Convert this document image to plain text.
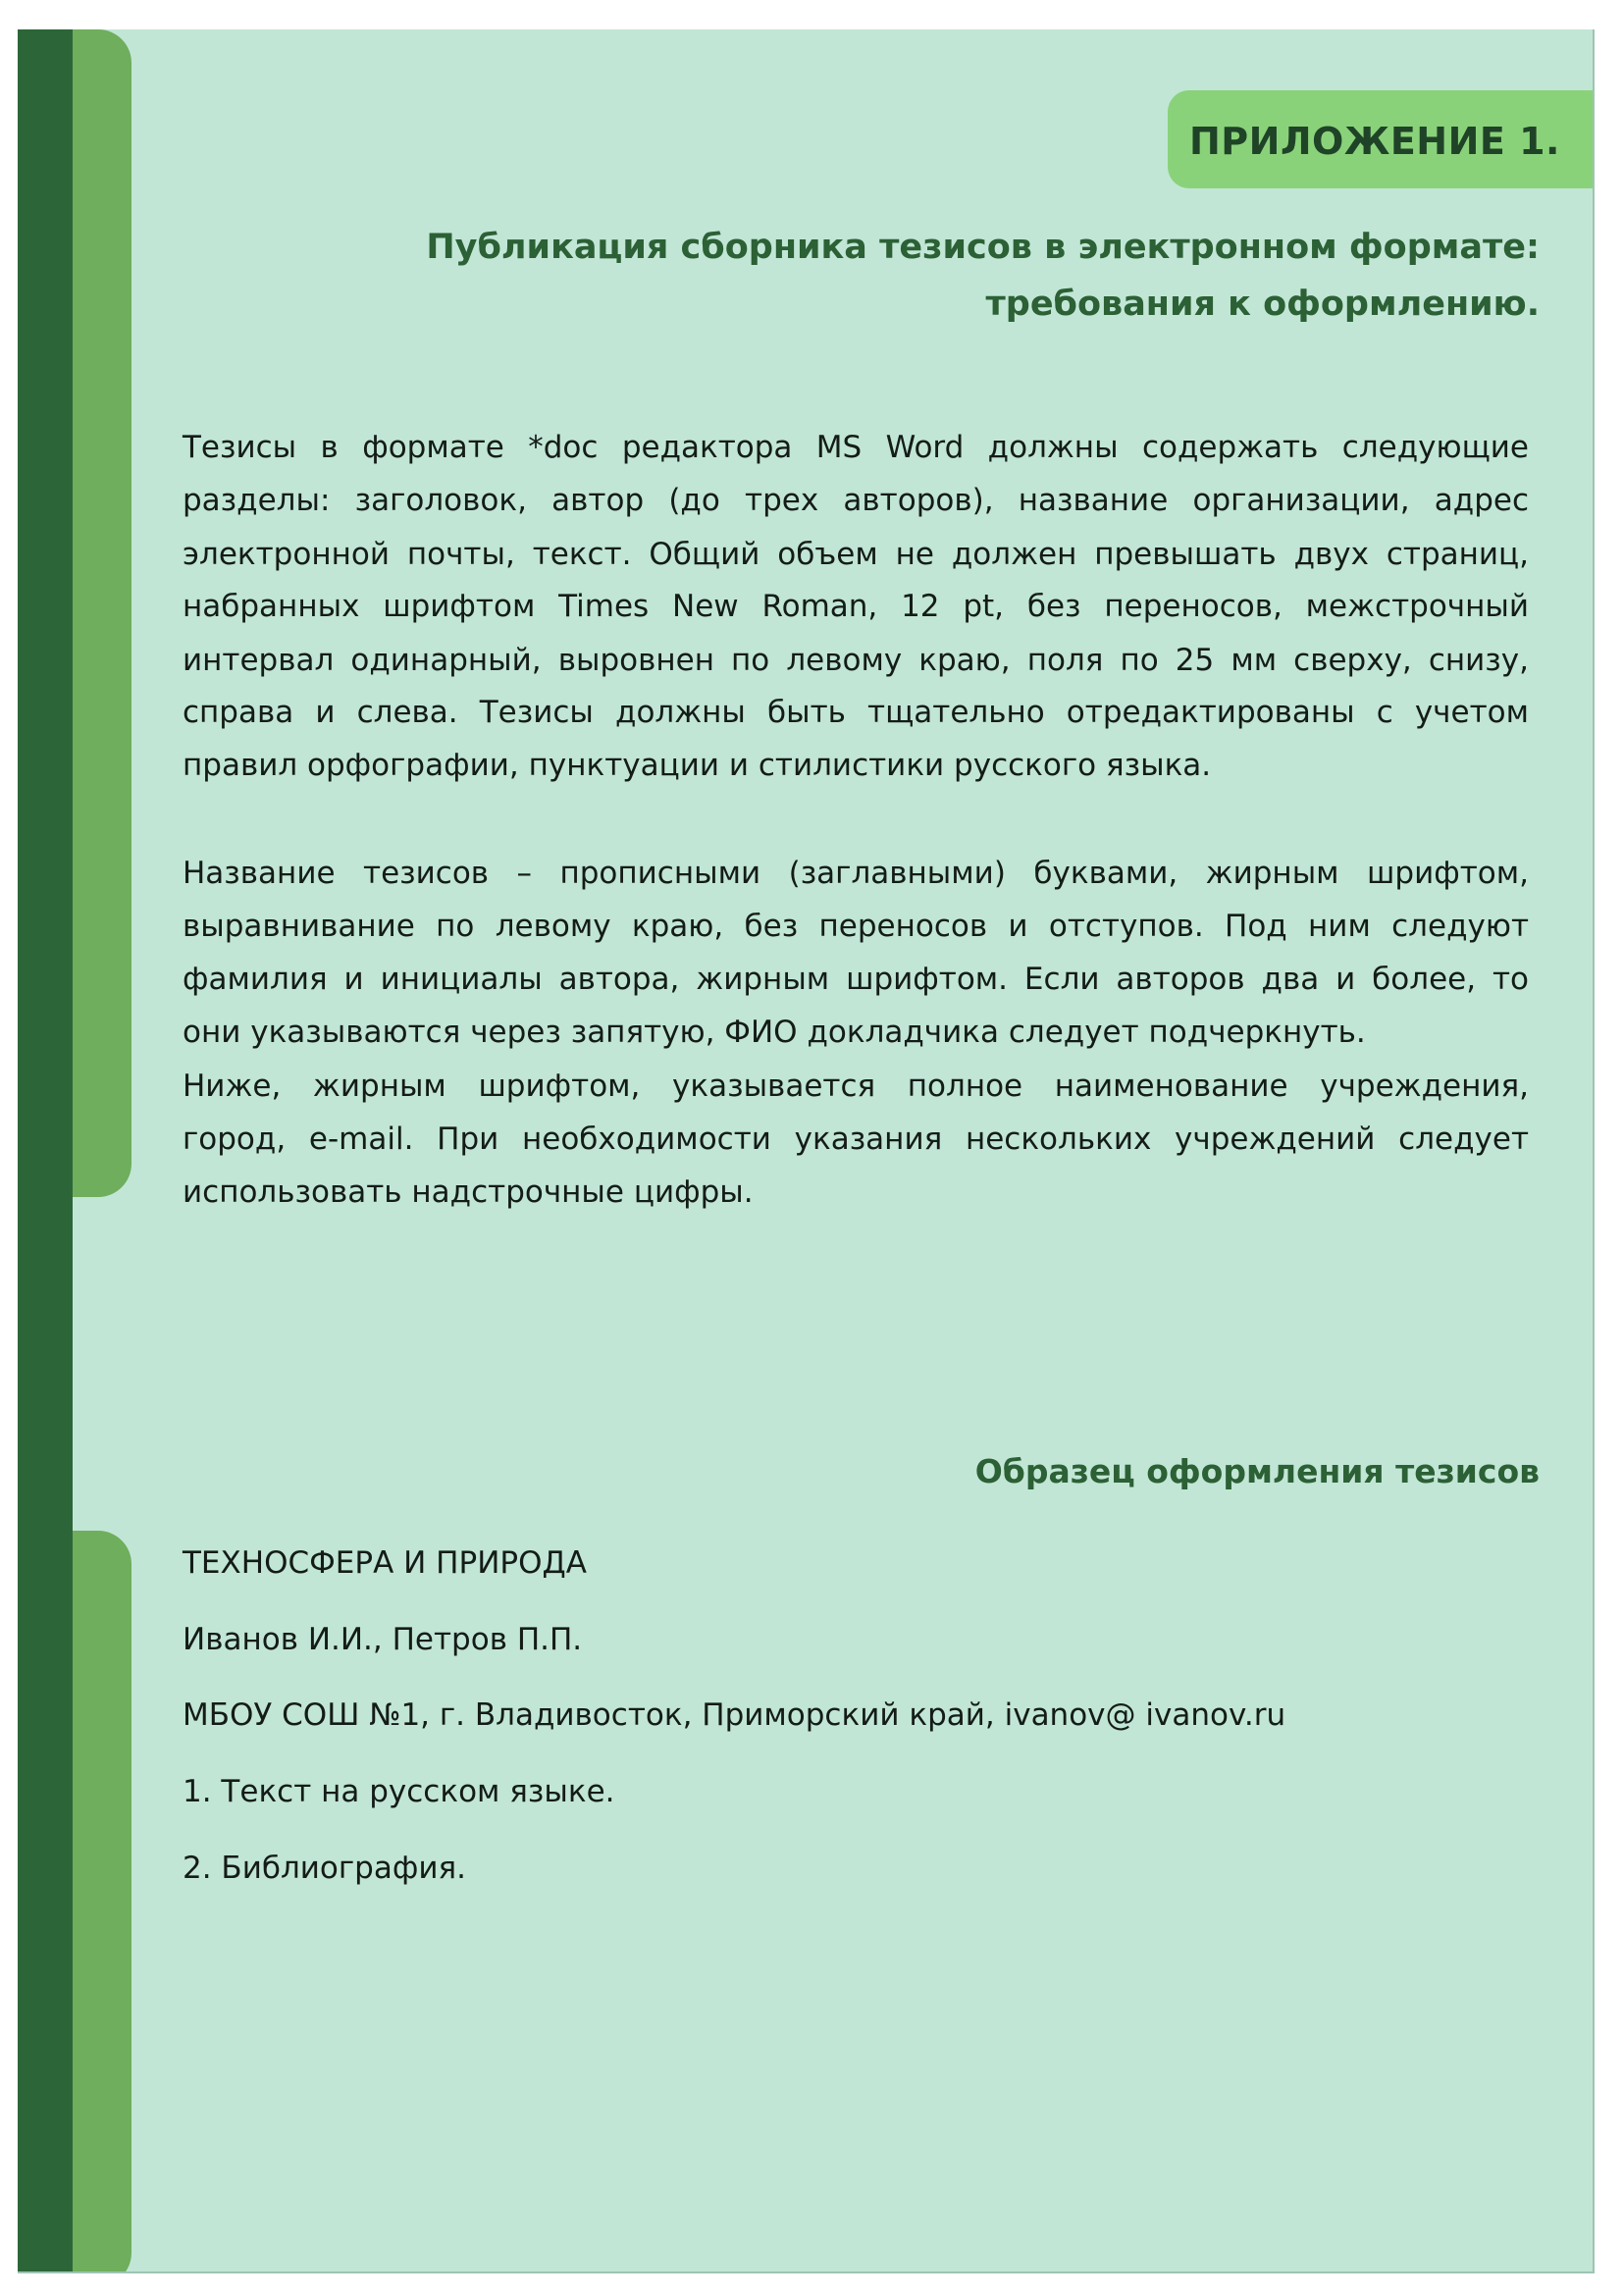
ПРИЛОЖЕНИЕ 1.
Публикация сборника тезисов в электронном формате:
требования к оформлению.
Тезисы в формате *doc редактора MS Word должны содержать следующие
разделы: заголовок, автор (до трех авторов), название организации, адрес
электронной почты, текст. Общий объем не должен превышать двух страниц,
набранных шрифтом Times New Roman, 12 pt, без переносов, межстрочный
интервал одинарный, выровнен по левому краю, поля по 25 мм сверху, снизу,
справа и слева. Тезисы должны быть тщательно отредактированы с учетом
правил орфографии, пунктуации и стилистики русского языка.
Название тезисов – прописными (заглавными) буквами, жирным шрифтом,
выравнивание по левому краю, без переносов и отступов. Под ним следуют
фамилия и инициалы автора, жирным шрифтом. Если авторов два и более, то
они указываются через запятую, ФИО докладчика следует подчеркнуть.
Ниже, жирным шрифтом, указывается полное наименование учреждения,
город, e-mail. При необходимости указания нескольких учреждений следует
использовать надстрочные цифры.
Образец оформления тезисов
ТЕХНОСФЕРА И ПРИРОДА
Иванов И.И., Петров П.П.
МБОУ СОШ №1, г. Владивосток, Приморский край, ivanov@ ivanov.ru
1. Текст на русском языке.
2. Библиография.
